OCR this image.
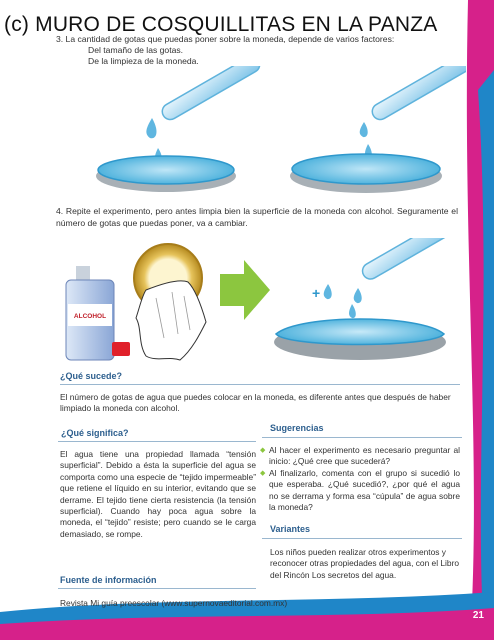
(c) MURO DE COSQUILLITAS EN LA PANZA
3. La cantidad de gotas que puedas poner sobre la moneda, depende de varios factores:
Del tamaño de las gotas.
De la limpieza de la moneda.
4. Repite el experimento, pero antes limpia bien la superficie de la moneda con alcohol. Seguramente el número de gotas que puedas poner, va a cambiar.
ALCOHOL
+
¿Qué sucede?
El número de gotas de agua que puedes colocar en la moneda, es diferente antes que después de haber limpiado la moneda con alcohol.
¿Qué significa?
El agua tiene una propiedad llamada “tensión superficial”. Debido a ésta la superficie del agua se comporta como una especie de “tejido impermeable” que retiene el líquido en su interior, evitando que se derrame. El tejido tiene cierta resistencia (la tensión superficial). Cuando hay poca agua sobre la moneda, el “tejido” resiste; pero cuando se le carga demasiado, se rompe.
Sugerencias
◆ Al hacer el experimento es necesario preguntar al inicio: ¿Qué cree que sucederá?
◆ Al finalizarlo, comenta con el grupo si sucedió lo que esperaba. ¿Qué sucedió?, ¿por qué el agua no se derrama y forma esa “cúpula” de agua sobre la moneda?
Variantes
Los niños pueden realizar otros experimentos y reconocer otras propiedades del agua, con el Libro del Rincón Los secretos del agua.
Fuente de información
Revista Mi guía preescolar (www.supernovaeditorial.com.mx)
21
